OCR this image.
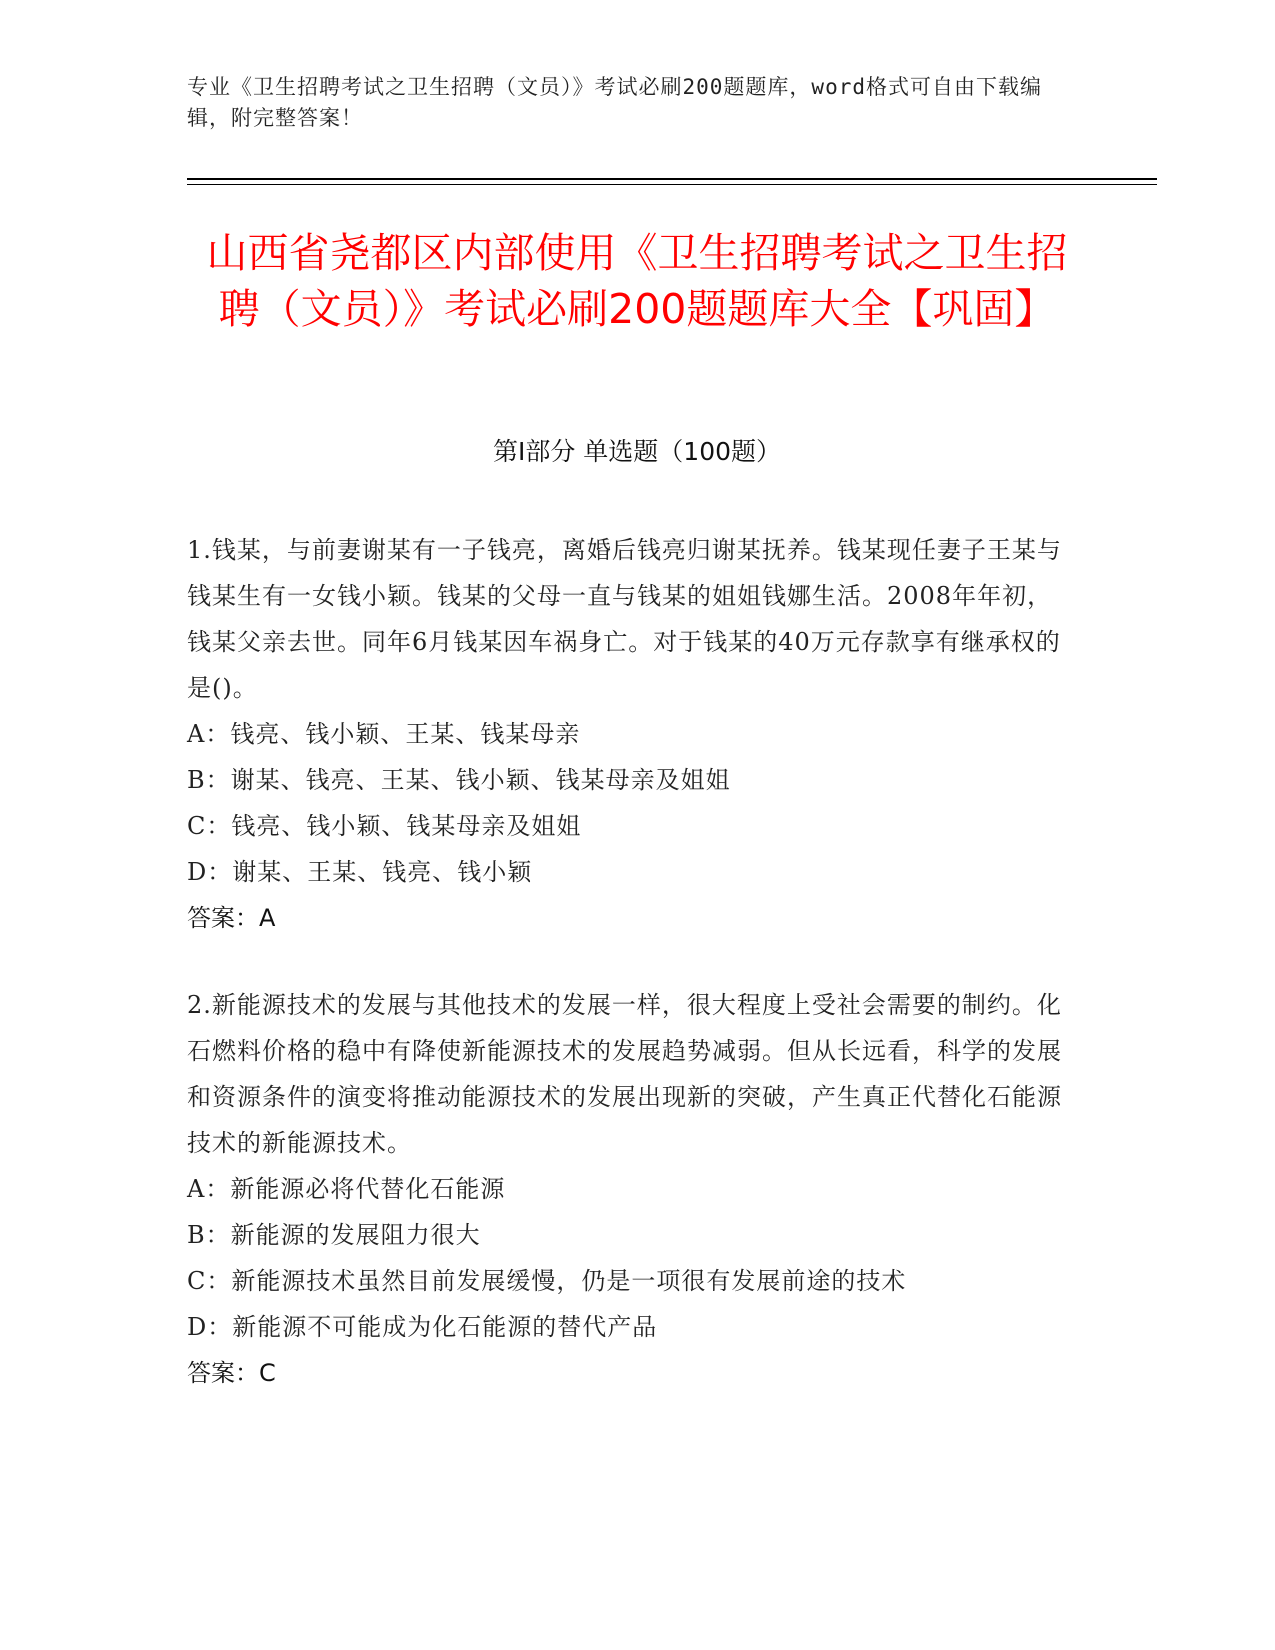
专业《卫生招聘考试之卫生招聘（文员）》考试必刷200题题库，word格式可自由下载编辑，附完整答案！
山西省尧都区内部使用《卫生招聘考试之卫生招聘（文员）》考试必刷200题题库大全【巩固】
第I部分 单选题（100题）
1.钱某，与前妻谢某有一子钱亮，离婚后钱亮归谢某抚养。钱某现任妻子王某与钱某生有一女钱小颖。钱某的父母一直与钱某的姐姐钱娜生活。2008年年初，钱某父亲去世。同年6月钱某因车祸身亡。对于钱某的40万元存款享有继承权的是()。
A：钱亮、钱小颖、王某、钱某母亲
B：谢某、钱亮、王某、钱小颖、钱某母亲及姐姐
C：钱亮、钱小颖、钱某母亲及姐姐
D：谢某、王某、钱亮、钱小颖
答案：A
2.新能源技术的发展与其他技术的发展一样，很大程度上受社会需要的制约。化石燃料价格的稳中有降使新能源技术的发展趋势减弱。但从长远看，科学的发展和资源条件的演变将推动能源技术的发展出现新的突破，产生真正代替化石能源技术的新能源技术。
A：新能源必将代替化石能源
B：新能源的发展阻力很大
C：新能源技术虽然目前发展缓慢，仍是一项很有发展前途的技术
D：新能源不可能成为化石能源的替代产品
答案：C
